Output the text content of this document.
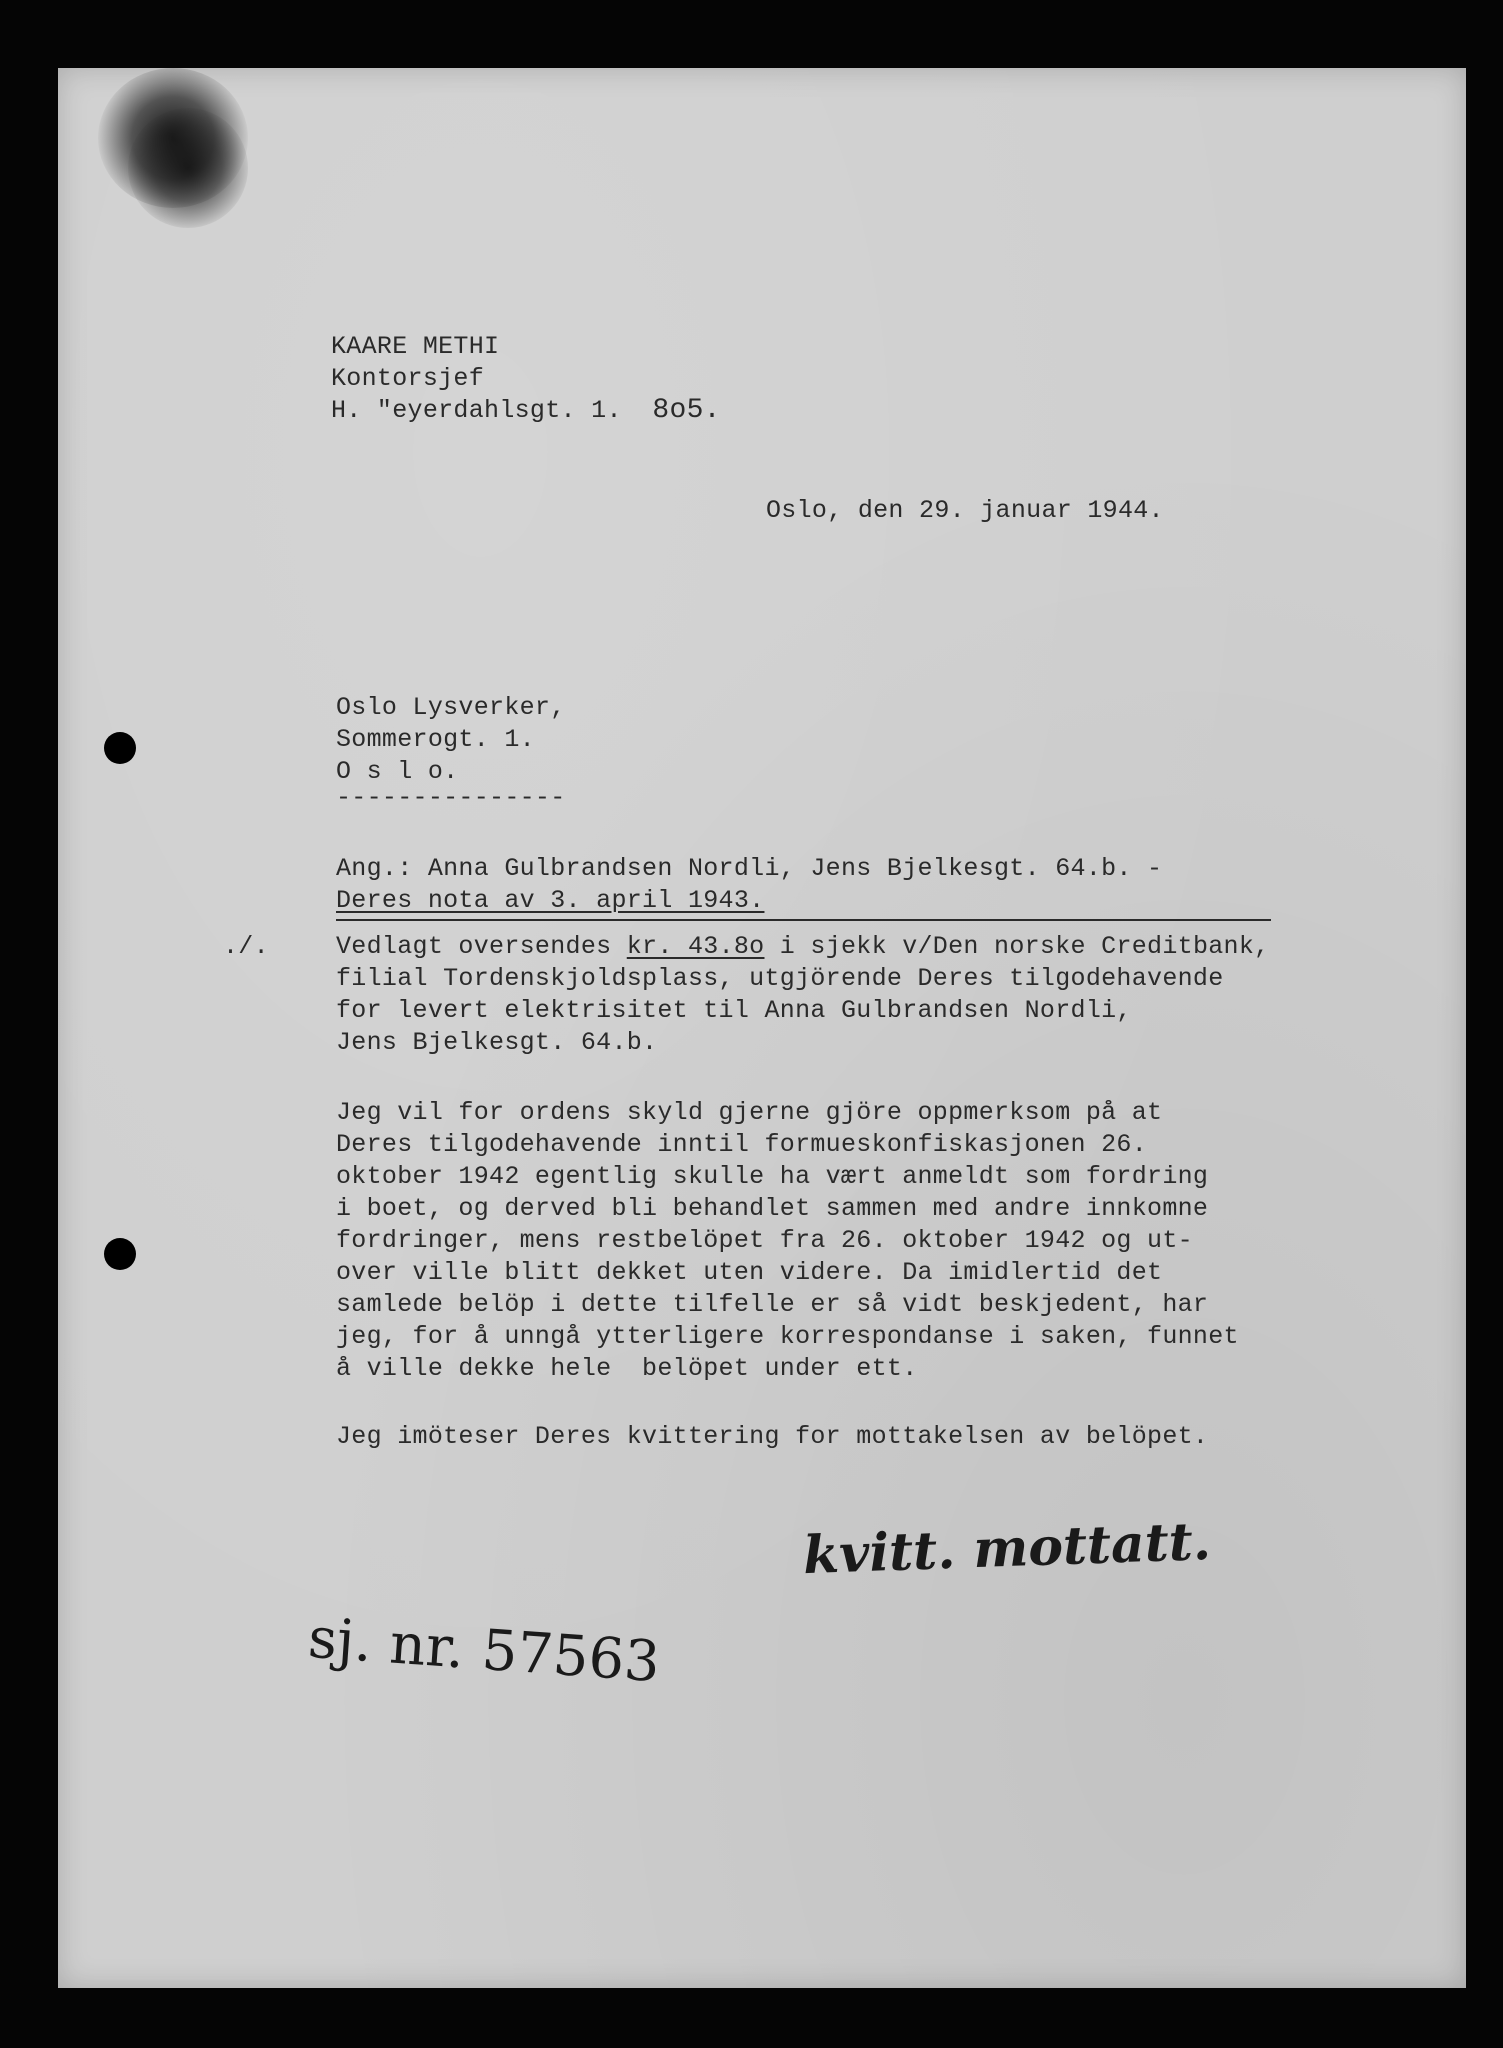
KAARE METHI
Kontorsjef
H. "eyerdahlsgt. 1. 8o5.
Oslo, den 29. januar 1944.
Oslo Lysverker,
Sommerogt. 1.
O s l o.
---------------
Ang.: Anna Gulbrandsen Nordli, Jens Bjelkesgt. 64.b. -
Deres nota av 3. april 1943.
./.	Vedlagt oversendes kr. 43.8o i sjekk v/Den norske Creditbank,
filial Tordenskjoldsplass, utgjörende Deres tilgodehavende
for levert elektrisitet til Anna Gulbrandsen Nordli,
Jens Bjelkesgt. 64.b.
Jeg vil for ordens skyld gjerne gjöre oppmerksom på at
Deres tilgodehavende inntil formueskonfiskasjonen 26.
oktober 1942 egentlig skulle ha vært anmeldt som fordring
i boet, og derved bli behandlet sammen med andre innkomne
fordringer, mens restbelöpet fra 26. oktober 1942 og ut-
over ville blitt dekket uten videre. Da imidlertid det
samlede belöp i dette tilfelle er så vidt beskjedent, har
jeg, for å unngå ytterligere korrespondanse i saken, funnet
å ville dekke hele  belöpet under ett.
Jeg imöteser Deres kvittering for mottakelsen av belöpet.
kvitt. mottatt.
sj. nr. 57563
